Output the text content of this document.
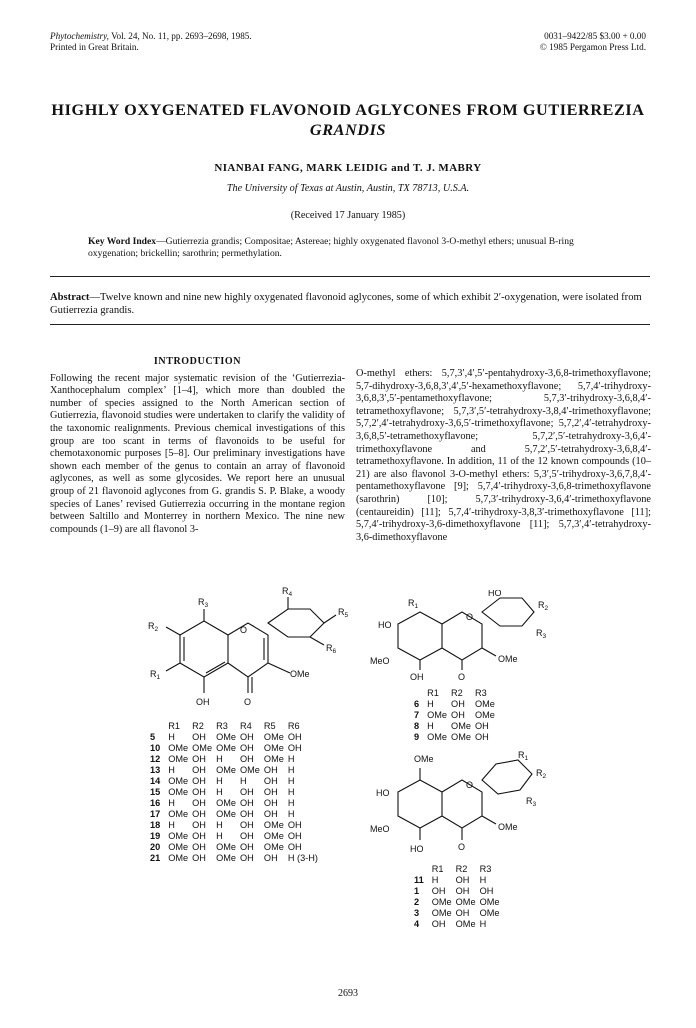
Phytochemistry, Vol. 24, No. 11, pp. 2693–2698, 1985.
Printed in Great Britain.
0031–9422/85 $3.00 + 0.00
© 1985 Pergamon Press Ltd.
HIGHLY OXYGENATED FLAVONOID AGLYCONES FROM GUTIERREZIA
GRANDIS
NIANBAI FANG, MARK LEIDIG and T. J. MABRY
The University of Texas at Austin, Austin, TX 78713, U.S.A.
(Received 17 January 1985)
Key Word Index—Gutierrezia grandis; Compositae; Astereae; highly oxygenated flavonol 3-O-methyl ethers; unusual B-ring oxygenation; brickellin; sarothrin; permethylation.
Abstract—Twelve known and nine new highly oxygenated flavonoid aglycones, some of which exhibit 2′-oxygenation, were isolated from Gutierrezia grandis.

INTRODUCTION

Following the recent major systematic revision of the ‘Gutierrezia-Xanthocephalum complex’ [1–4], which more than doubled the number of species assigned to the North American section of Gutierrezia, flavonoid studies were undertaken to clarify the validity of the taxonomic realignments. Previous chemical investigations of this group are too scant in terms of flavonoids to be useful for chemotaxonomic purposes [5–8]. Our preliminary investigations have shown each member of the genus to contain an array of flavonoid aglycones, as well as some glycosides. We report here an unusual group of 21 flavonoid aglycones from G. grandis S. P. Blake, a woody species of Lanes’ revised Gutierrezia occurring in the montane region between Saltillo and Monterrey in northern Mexico. The nine new compounds (1–9) are all flavonol 3-

O-methyl ethers: 5,7,3′,4′,5′-pentahydroxy-3,6,8-trimethoxyflavone; 5,7-dihydroxy-3,6,8,3′,4′,5′-hexamethoxyflavone; 5,7,4′-trihydroxy-3,6,8,3′,5′-pentamethoxyflavone; 5,7,3′-trihydroxy-3,6,8,4′-tetramethoxyflavone; 5,7,3′,5′-tetrahydroxy-3,8,4′-trimethoxyflavone; 5,7,2′,4′-tetrahydroxy-3,6,5′-trimethoxyflavone; 5,7,2′,4′-tetrahydroxy-3,6,8,5′-tetramethoxyflavone; 5,7,2′,5′-tetrahydroxy-3,6,4′-trimethoxyflavone and 5,7,2′,5′-tetrahydroxy-3,6,8,4′-tetramethoxyflavone. In addition, 11 of the 12 known compounds (10–21) are also flavonol 3-O-methyl ethers: 5,3′,5′-trihydroxy-3,6,7,8,4′-pentamethoxyflavone [9]; 5,7,4′-trihydroxy-3,6,8-trimethoxyflavone (sarothrin) [10]; 5,7,3′-trihydroxy-3,6,4′-trimethoxyflavone (centaureidin) [11]; 5,7,4′-trihydroxy-3,8,3′-trimethoxyflavone [11]; 5,7,4′-trihydroxy-3,6-dimethoxyflavone [11]; 5,7,3′,4′-tetrahydroxy-3,6-dimethoxyflavone

O
O
OMe
OH
$R_2$
$R_3$
$R_1$
$R_4$
$R_5$
$R_6$
	R1	R2	R3	R4	R5	R6
5	H	OH	OMe	OH	OMe	OH
10	OMe	OMe	OMe	OH	OMe	OH
12	OMe	OH	H	OH	OMe	H
13	H	OH	OMe	OMe	OH	H
14	OMe	OH	H	H	OH	H
15	OMe	OH	H	OH	OH	H
16	H	OH	OMe	OH	OH	H
17	OMe	OH	OMe	OH	OH	H
18	H	OH	H	OH	OMe	OH
19	OMe	OH	H	OH	OMe	OH
20	OMe	OH	OMe	OH	OMe	OH
21	OMe	OH	OMe	OH	OH	H (3-H)
HO
MeO
OH	O
OMe
O
$R_1$
HO
$R_2$
$R_3$
	R1	R2	R3
6	H	OH	OMe
7	OMe	OH	OMe
8	H	OMe	OH
9	OMe	OMe	OH
OMe
HO
MeO
HO	O
OMe
O
$R_1$
$R_2$
$R_3$
	R1	R2	R3
11	H	OH	H
1	OH	OH	OH
2	OMe	OMe	OMe
3	OMe	OH	OMe
4	OH	OMe	H
2693
